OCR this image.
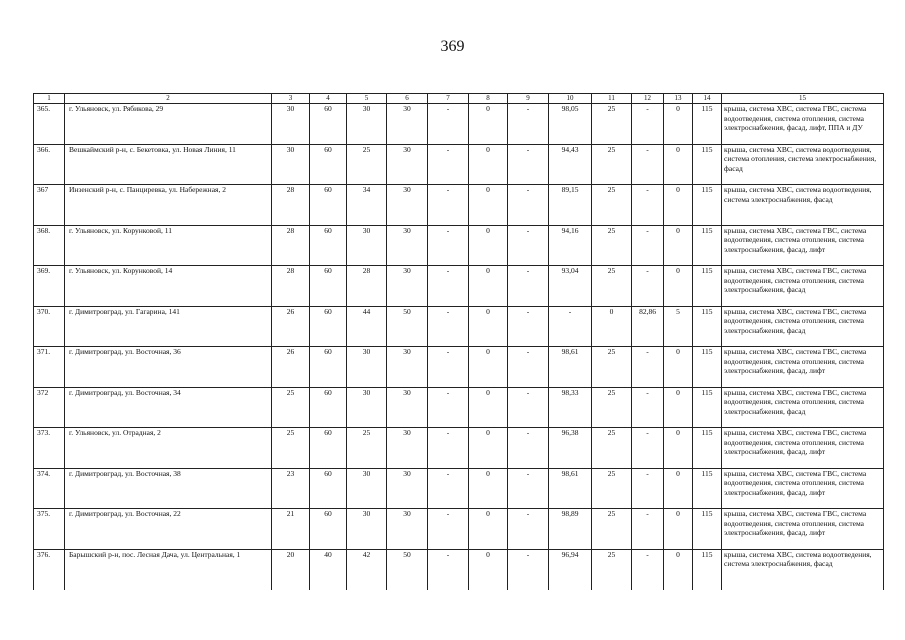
369
1	2	3	4	5	6	7	8	9	10	11	12	13	14	15
365.	г. Ульяновск, ул. Рябикова, 29	30	60	30	30	-	0	-	98,05	25	-	0	115	крыша, система ХВС, система ГВС, система водоотведения, система отопления, система электроснабжения, фасад, лифт, ППА и ДУ
366.	Вешкаймский р-н, с. Бекетовка, ул. Новая Линия, 11	30	60	25	30	-	0	-	94,43	25	-	0	115	крыша, система ХВС, система водоотведения, система отопления, система электроснабжения, фасад
367	Инзенский р-н, с. Панциревка, ул. Набережная, 2	28	60	34	30	-	0	-	89,15	25	-	0	115	крыша, система ХВС, система водоотведения, система электроснабжения, фасад
368.	г. Ульяновск, ул. Корунковой, 11	28	60	30	30	-	0	-	94,16	25	-	0	115	крыша, система ХВС, система ГВС, система водоотведения, система отопления, система электроснабжения, фасад, лифт
369.	г. Ульяновск, ул. Корунковой, 14	28	60	28	30	-	0	-	93,04	25	-	0	115	крыша, система ХВС, система ГВС, система водоотведения, система отопления, система электроснабжения, фасад
370.	г. Димитровград, ул. Гагарина, 141	26	60	44	50	-	0	-	-	0	82,86	5	115	крыша, система ХВС, система ГВС, система водоотведения, система отопления, система электроснабжения, фасад
371.	г. Димитровград, ул. Восточная, 36	26	60	30	30	-	0	-	98,61	25	-	0	115	крыша, система ХВС, система ГВС, система водоотведения, система отопления, система электроснабжения, фасад, лифт
372	г. Димитровград, ул. Восточная, 34	25	60	30	30	-	0	-	98,33	25	-	0	115	крыша, система ХВС, система ГВС, система водоотведения, система отопления, система электроснабжения, фасад
373.	г. Ульяновск, ул. Отрадная, 2	25	60	25	30	-	0	-	96,38	25	-	0	115	крыша, система ХВС, система ГВС, система водоотведения, система отопления, система электроснабжения, фасад, лифт
374.	г. Димитровград, ул. Восточная, 38	23	60	30	30	-	0	-	98,61	25	-	0	115	крыша, система ХВС, система ГВС, система водоотведения, система отопления, система электроснабжения, фасад, лифт
375.	г. Димитровград, ул. Восточная, 22	21	60	30	30	-	0	-	98,89	25	-	0	115	крыша, система ХВС, система ГВС, система водоотведения, система отопления, система электроснабжения, фасад, лифт
376.	Барышский р-н, пос. Лесная Дача, ул. Центральная, 1	20	40	42	50	-	0	-	96,94	25	-	0	115	крыша, система ХВС, система водоотведения, система электроснабжения, фасад
